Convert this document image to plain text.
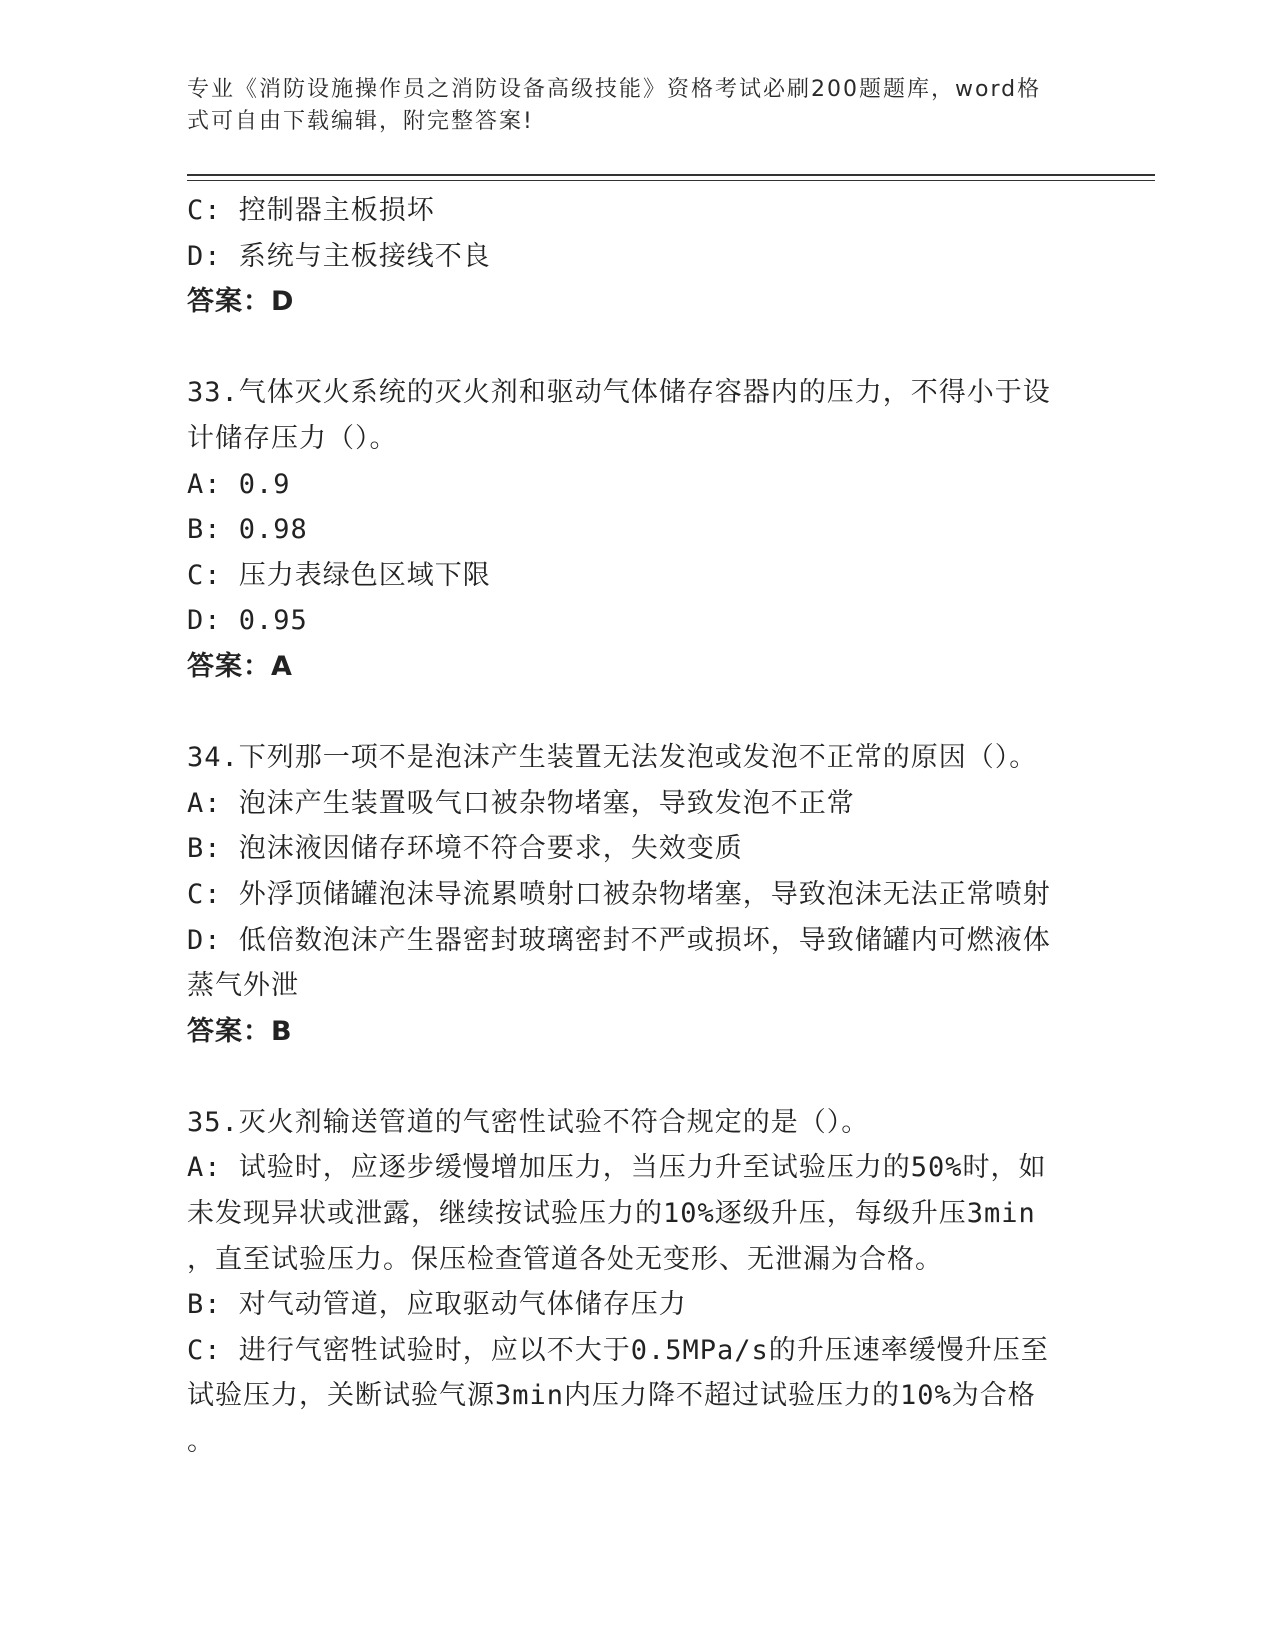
专业《消防设施操作员之消防设备高级技能》资格考试必刷200题题库，word格
式可自由下载编辑，附完整答案!
C: 控制器主板损坏
D: 系统与主板接线不良
答案：D
33.气体灭火系统的灭火剂和驱动气体储存容器内的压力，不得小于设
计储存压力（）。
A: 0.9
B: 0.98
C: 压力表绿色区域下限
D: 0.95
答案：A
34.下列那一项不是泡沫产生装置无法发泡或发泡不正常的原因（）。
A: 泡沫产生装置吸气口被杂物堵塞，导致发泡不正常
B: 泡沫液因储存环境不符合要求，失效变质
C: 外浮顶储罐泡沫导流累喷射口被杂物堵塞，导致泡沫无法正常喷射
D: 低倍数泡沫产生器密封玻璃密封不严或损坏，导致储罐内可燃液体
蒸气外泄
答案：B
35.灭火剂输送管道的气密性试验不符合规定的是（）。
A: 试验时，应逐步缓慢增加压力，当压力升至试验压力的50%时，如
未发现异状或泄露，继续按试验压力的10%逐级升压，每级升压3min
，直至试验压力。保压检查管道各处无变形、无泄漏为合格。
B: 对气动管道，应取驱动气体储存压力
C: 进行气密牲试验时，应以不大于0.5MPa/s的升压速率缓慢升压至
试验压力，关断试验气源3min内压力降不超过试验压力的10%为合格
。
